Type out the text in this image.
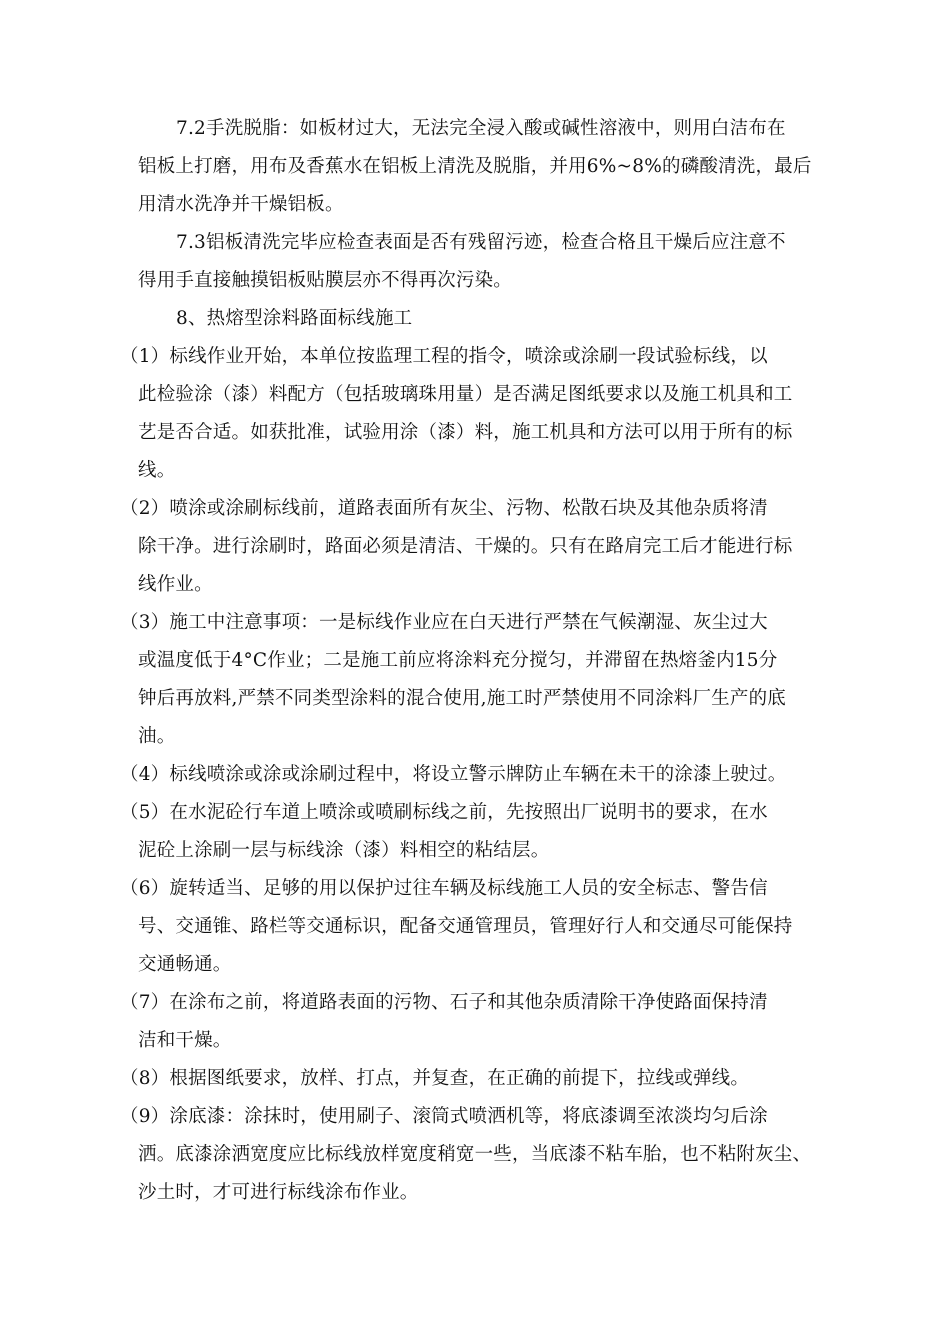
7.2手洗脱脂：如板材过大，无法完全浸入酸或碱性溶液中，则用白洁布在
铝板上打磨，用布及香蕉水在铝板上清洗及脱脂，并用6%~8%的磷酸清洗，最后
用清水洗净并干燥铝板。
7.3铝板清洗完毕应检查表面是否有残留污迹，检查合格且干燥后应注意不
得用手直接触摸铝板贴膜层亦不得再次污染。
8、热熔型涂料路面标线施工
（1）标线作业开始，本单位按监理工程的指令，喷涂或涂刷一段试验标线，以
此检验涂（漆）料配方（包括玻璃珠用量）是否满足图纸要求以及施工机具和工
艺是否合适。如获批准，试验用涂（漆）料，施工机具和方法可以用于所有的标
线。
（2）喷涂或涂刷标线前，道路表面所有灰尘、污物、松散石块及其他杂质将清
除干净。进行涂刷时，路面必须是清洁、干燥的。只有在路肩完工后才能进行标
线作业。
（3）施工中注意事项：一是标线作业应在白天进行严禁在气候潮湿、灰尘过大
或温度低于4°C作业；二是施工前应将涂料充分搅匀，并滞留在热熔釜内15分
钟后再放料,严禁不同类型涂料的混合使用,施工时严禁使用不同涂料厂生产的底
油。
（4）标线喷涂或涂或涂刷过程中，将设立警示牌防止车辆在未干的涂漆上驶过。
（5）在水泥砼行车道上喷涂或喷刷标线之前，先按照出厂说明书的要求，在水
泥砼上涂刷一层与标线涂（漆）料相空的粘结层。
（6）旋转适当、足够的用以保护过往车辆及标线施工人员的安全标志、警告信
号、交通锥、路栏等交通标识，配备交通管理员，管理好行人和交通尽可能保持
交通畅通。
（7）在涂布之前，将道路表面的污物、石子和其他杂质清除干净使路面保持清
洁和干燥。
（8）根据图纸要求，放样、打点，并复查，在正确的前提下，拉线或弹线。
（9）涂底漆：涂抹时，使用刷子、滚筒式喷洒机等，将底漆调至浓淡均匀后涂
洒。底漆涂洒宽度应比标线放样宽度稍宽一些，当底漆不粘车胎，也不粘附灰尘、
沙土时，才可进行标线涂布作业。
